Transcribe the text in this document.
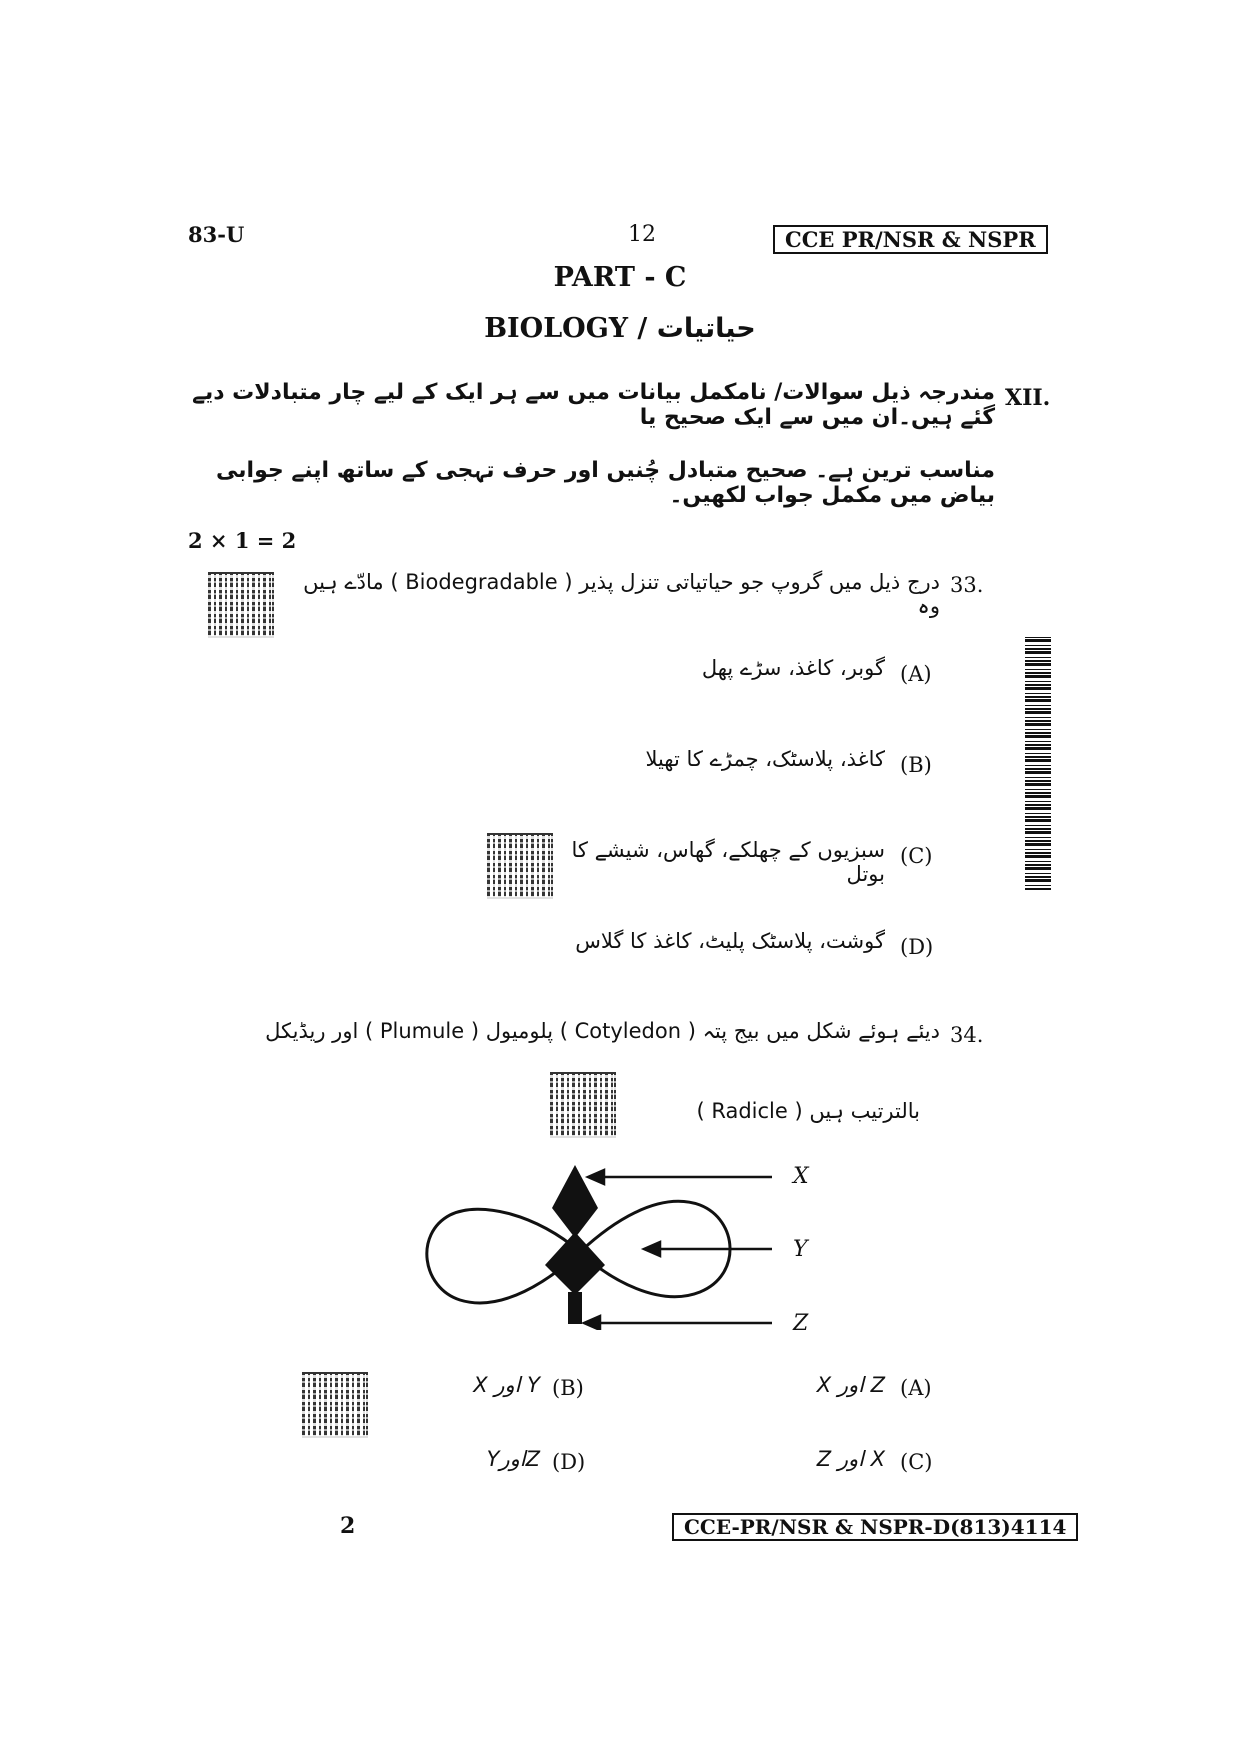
83-U	12	CCE PR/NSR & NSPR
PART - C
BIOLOGY / حیاتیات
XII.
مندرجہ ذیل سوالات/ نامکمل بیانات میں سے ہر ایک کے لیے چار متبادلات دیے گئے ہیں۔ان میں سے ایک صحیح یا
مناسب ترین ہے۔ صحیح متبادل چُنیں اور حرف تہجی کے ساتھ اپنے جوابی بیاض میں مکمل جواب لکھیں۔
2 × 1 = 2
33.
درج ذیل میں گروپ جو حیاتیاتی تنزل پذیر ( Biodegradable ) مادّے ہیں وہ
(A)
گوبر، کاغذ، سڑے پھل
(B)
کاغذ، پلاسٹک، چمڑے کا تھیلا
(C)
سبزیوں کے چھلکے، گھاس، شیشے کا بوتل
(D)
گوشت، پلاسٹک پلیٹ، کاغذ کا گلاس
34.
دیئے ہوئے شکل میں بیج پتہ ( Cotyledon ) پلومیول ( Plumule ) اور ریڈیکل
( Radicle ) بالترتیب ہیں
X
Y
Z
(A)
X اور Z
(B)
X اور Y
(C)
Z اور X
(D)
YاورZ
2	CCE-PR/NSR & NSPR-D(813)4114
